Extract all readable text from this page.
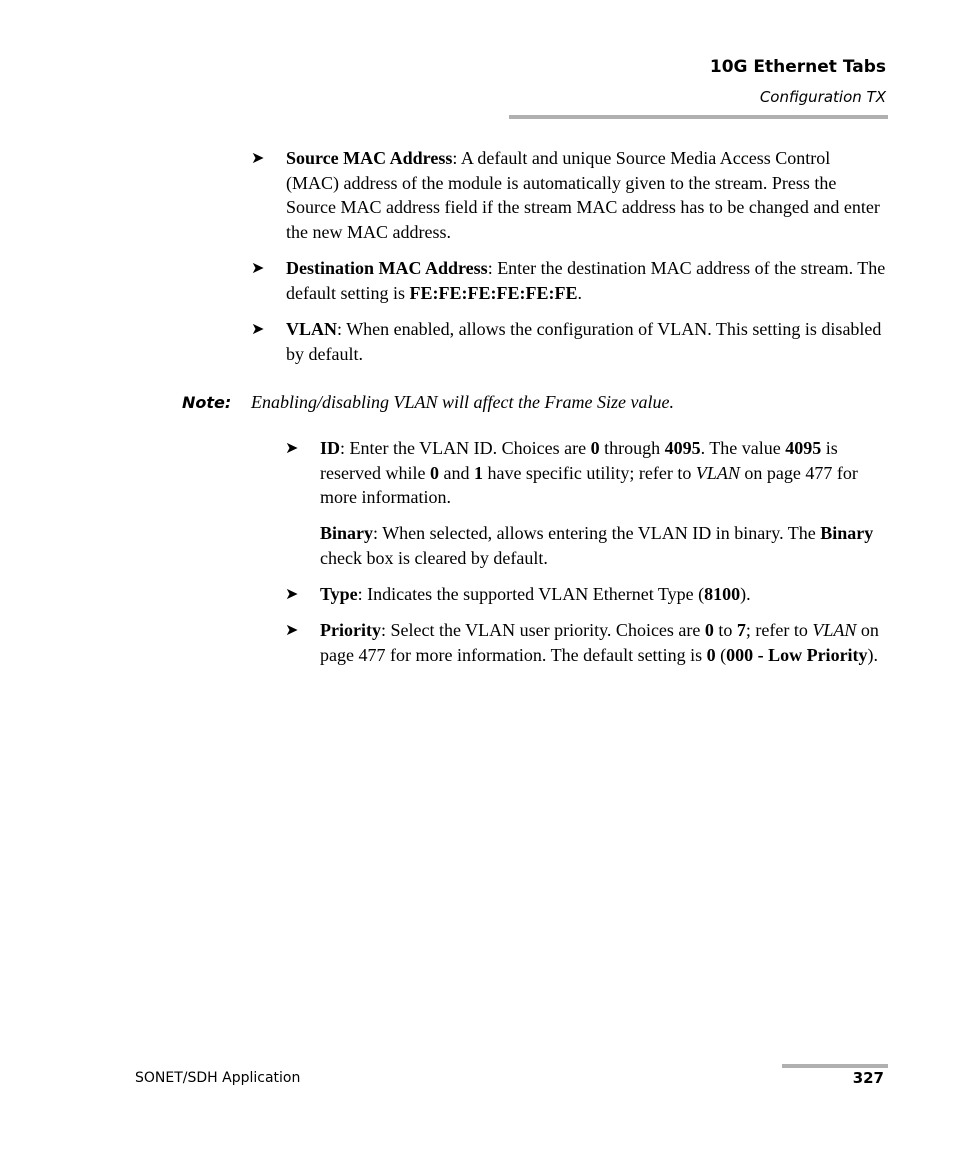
10G Ethernet Tabs
Configuration TX
➤ Source MAC Address: A default and unique Source Media Access Control (MAC) address of the module is automatically given to the stream. Press the Source MAC address field if the stream MAC address has to be changed and enter the new MAC address.
➤ Destination MAC Address: Enter the destination MAC address of the stream. The default setting is FE:FE:FE:FE:FE:FE.
➤ VLAN: When enabled, allows the configuration of VLAN. This setting is disabled by default.
Note: Enabling/disabling VLAN will affect the Frame Size value.
➤ ID: Enter the VLAN ID. Choices are 0 through 4095. The value 4095 is reserved while 0 and 1 have specific utility; refer to VLAN on page 477 for more information.
Binary: When selected, allows entering the VLAN ID in binary. The Binary check box is cleared by default.
➤ Type: Indicates the supported VLAN Ethernet Type (8100).
➤ Priority: Select the VLAN user priority. Choices are 0 to 7; refer to VLAN on page 477 for more information. The default setting is 0 (000 - Low Priority).
SONET/SDH Application	327
